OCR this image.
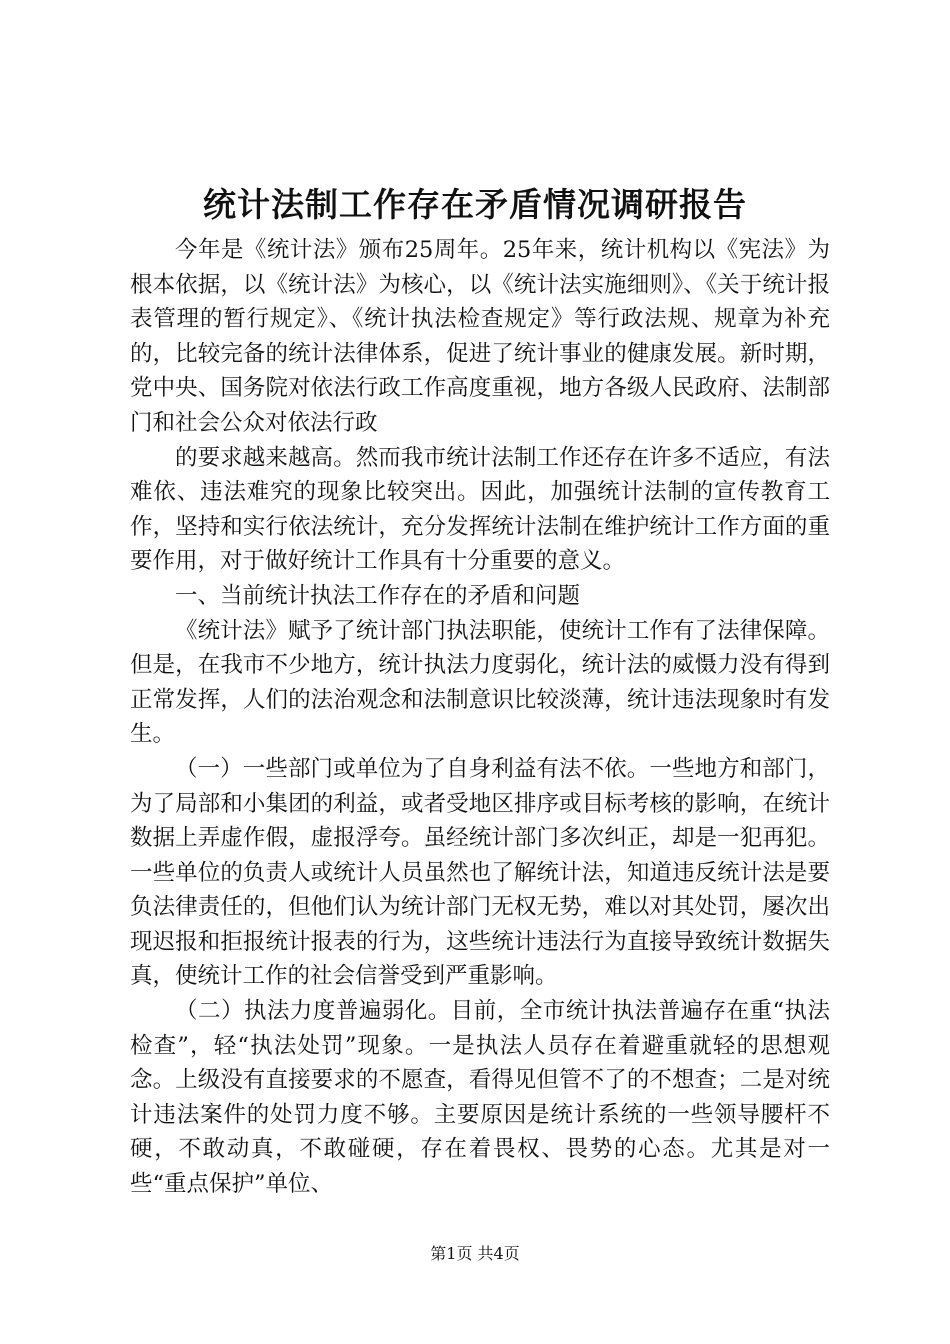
统计法制工作存在矛盾情况调研报告

今年是《统计法》颁布25周年。25年来，统计机构以《宪法》为根本依据，以《统计法》为核心，以《统计法实施细则》、《关于统计报表管理的暂行规定》、《统计执法检查规定》等行政法规、规章为补充的，比较完备的统计法律体系，促进了统计事业的健康发展。新时期，党中央、国务院对依法行政工作高度重视，地方各级人民政府、法制部门和社会公众对依法行政

的要求越来越高。然而我市统计法制工作还存在许多不适应，有法难依、违法难究的现象比较突出。因此，加强统计法制的宣传教育工作，坚持和实行依法统计，充分发挥统计法制在维护统计工作方面的重要作用，对于做好统计工作具有十分重要的意义。

一、当前统计执法工作存在的矛盾和问题

《统计法》赋予了统计部门执法职能，使统计工作有了法律保障。但是，在我市不少地方，统计执法力度弱化，统计法的威慑力没有得到正常发挥，人们的法治观念和法制意识比较淡薄，统计违法现象时有发生。

（一）一些部门或单位为了自身利益有法不依。一些地方和部门，为了局部和小集团的利益，或者受地区排序或目标考核的影响，在统计数据上弄虚作假，虚报浮夸。虽经统计部门多次纠正，却是一犯再犯。一些单位的负责人或统计人员虽然也了解统计法，知道违反统计法是要负法律责任的，但他们认为统计部门无权无势，难以对其处罚，屡次出现迟报和拒报统计报表的行为，这些统计违法行为直接导致统计数据失真，使统计工作的社会信誉受到严重影响。

（二）执法力度普遍弱化。目前，全市统计执法普遍存在重“执法检查”，轻“执法处罚”现象。一是执法人员存在着避重就轻的思想观念。上级没有直接要求的不愿查，看得见但管不了的不想查；二是对统计违法案件的处罚力度不够。主要原因是统计系统的一些领导腰杆不硬，不敢动真，不敢碰硬，存在着畏权、畏势的心态。尤其是对一些“重点保护”单位、

第1页 共4页
